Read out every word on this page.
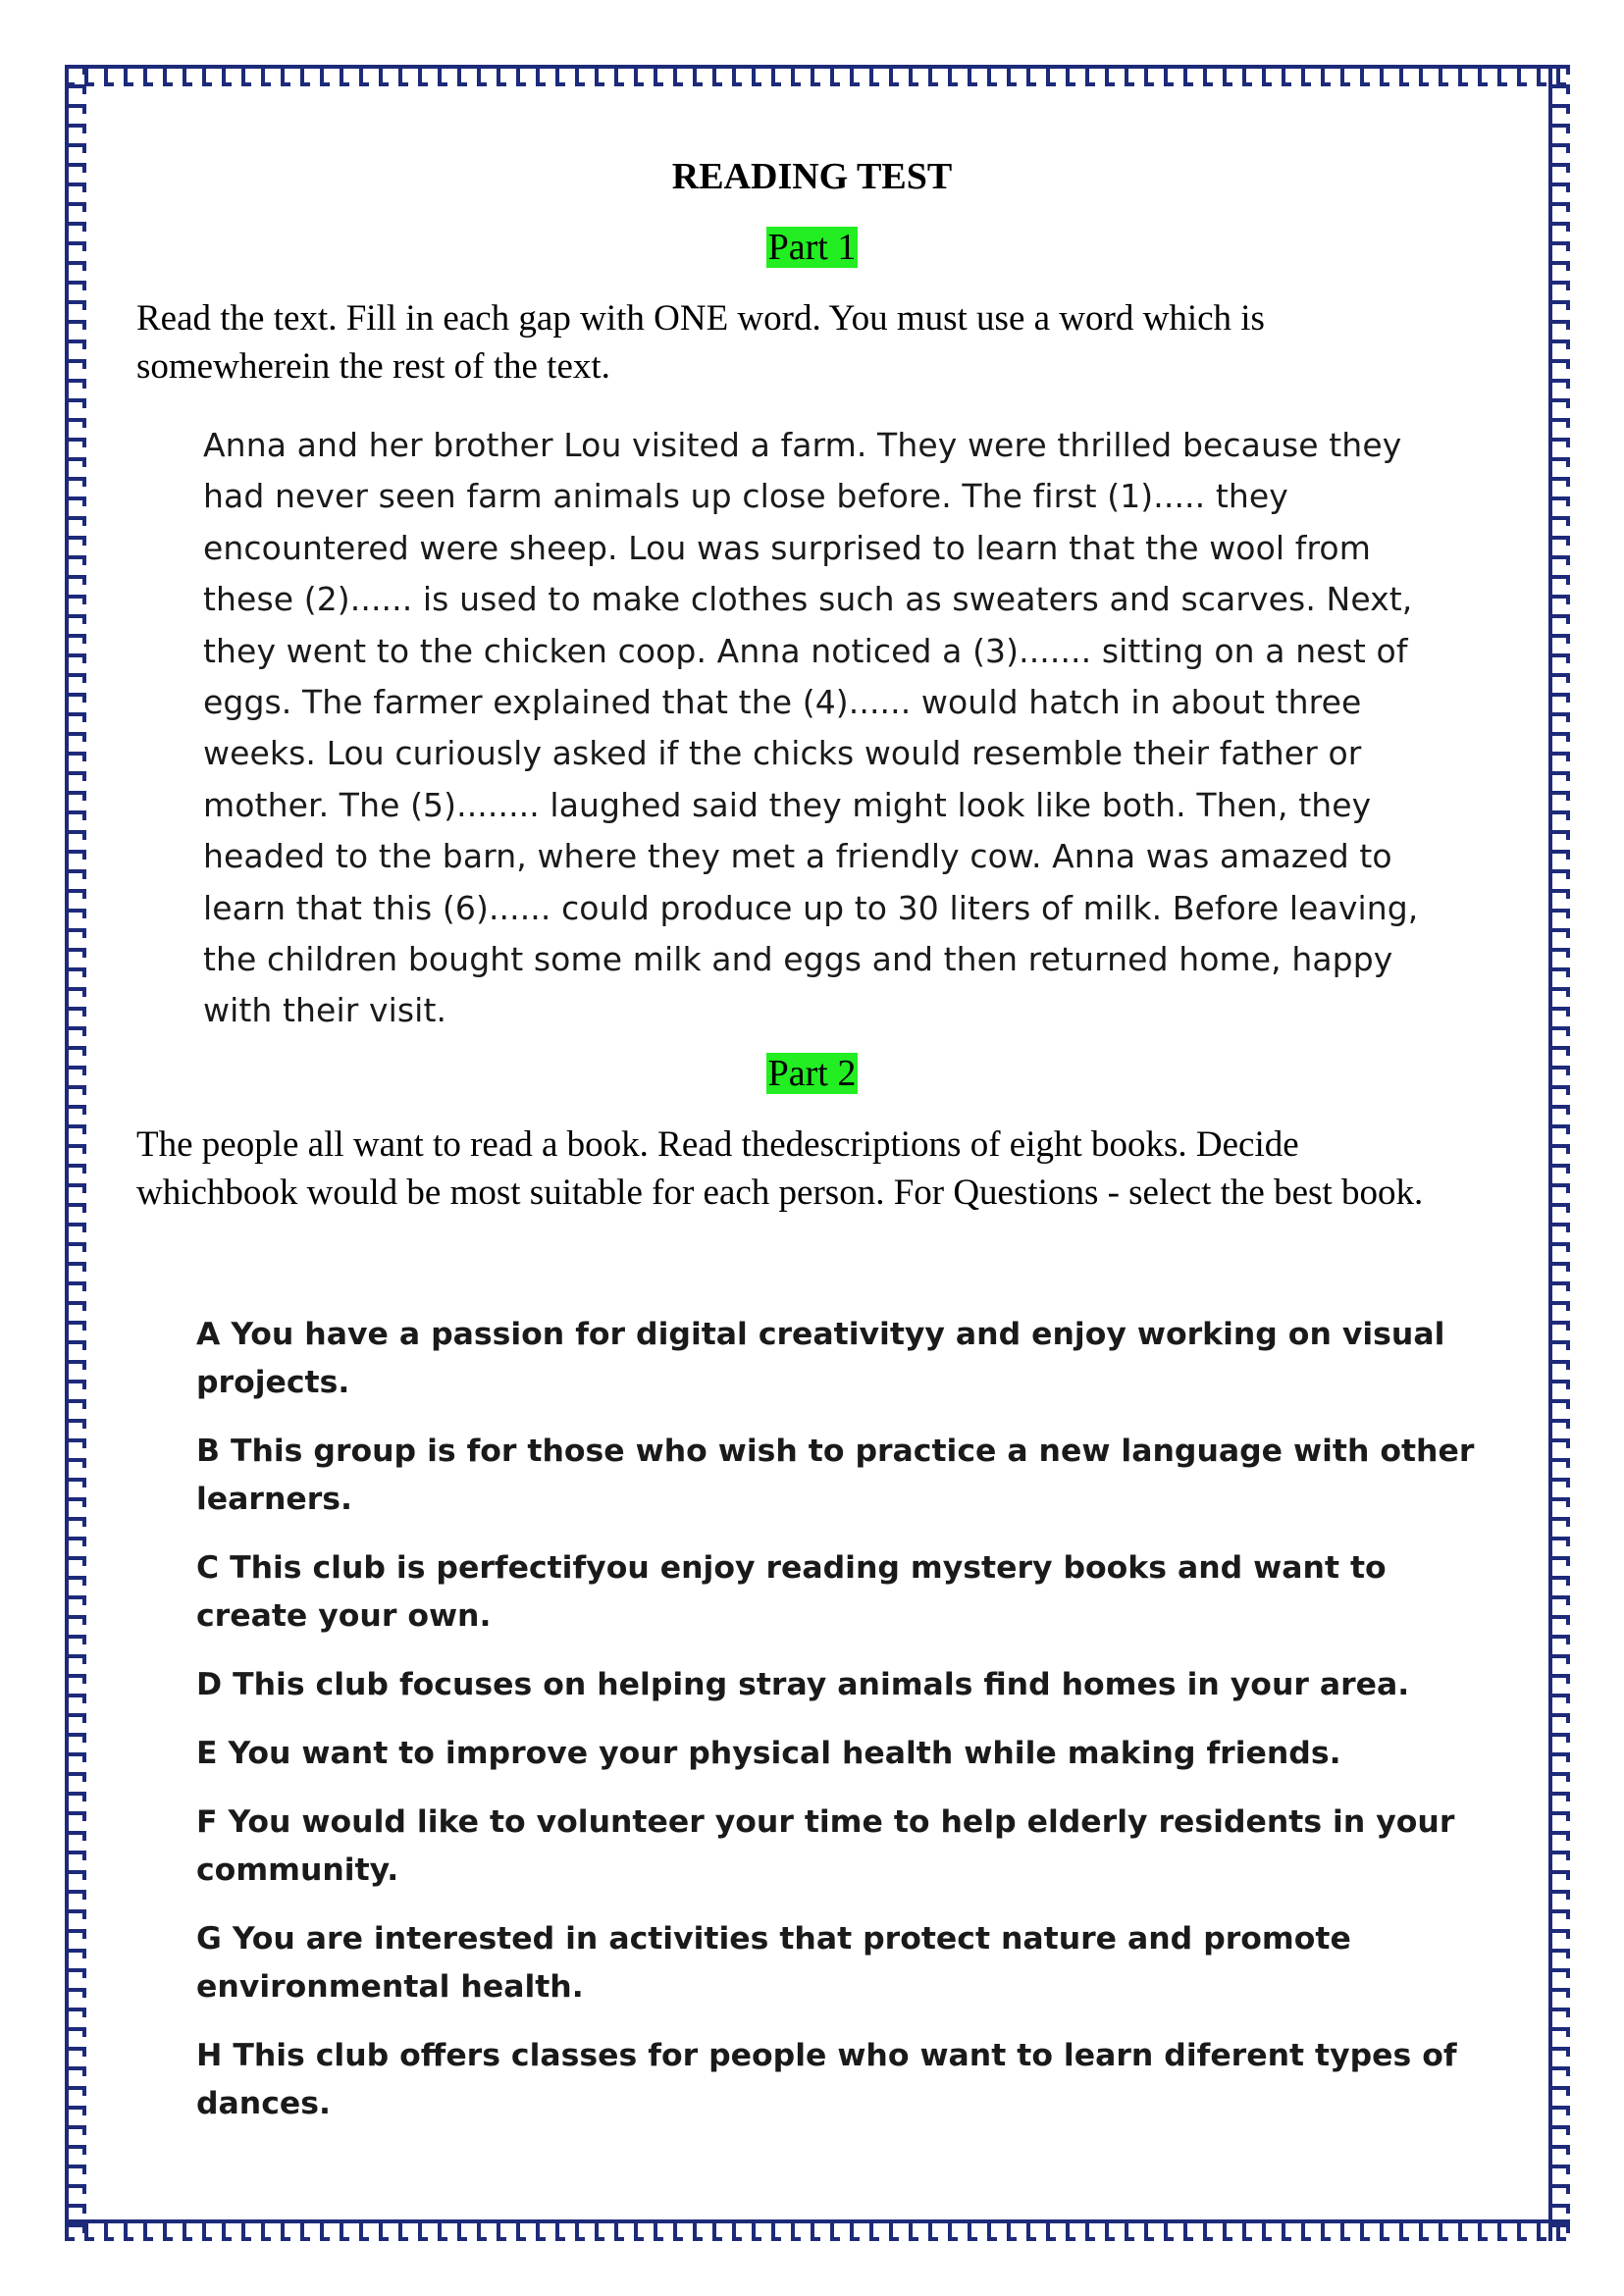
READING TEST
Part 1
Read the text. Fill in each gap with ONE word. You must use a word which is
somewherein the rest of the text.
Anna and her brother Lou visited a farm. They were thrilled because they
had never seen farm animals up close before. The first (1)..... they
encountered were sheep. Lou was surprised to learn that the wool from
these (2)...... is used to make clothes such as sweaters and scarves. Next,
they went to the chicken coop. Anna noticed a (3)....... sitting on a nest of
eggs. The farmer explained that the (4)...... would hatch in about three
weeks. Lou curiously asked if the chicks would resemble their father or
mother. The (5)........ laughed said they might look like both. Then, they
headed to the barn, where they met a friendly cow. Anna was amazed to
learn that this (6)...... could produce up to 30 liters of milk. Before leaving,
the children bought some milk and eggs and then returned home, happy
with their visit.
Part 2
The people all want to read a book. Read thedescriptions of eight books. Decide
whichbook would be most suitable for each person. For Questions - select the best book.
A You have a passion for digital creativityy and enjoy working on visual
projects.
B This group is for those who wish to practice a new language with other
learners.
C This club is perfectifyou enjoy reading mystery books and want to
create your own.
D This club focuses on helping stray animals find homes in your area.
E You want to improve your physical health while making friends.
F You would like to volunteer your time to help elderly residents in your
community.
G You are interested in activities that protect nature and promote
environmental health.
H This club offers classes for people who want to learn diferent types of
dances.
